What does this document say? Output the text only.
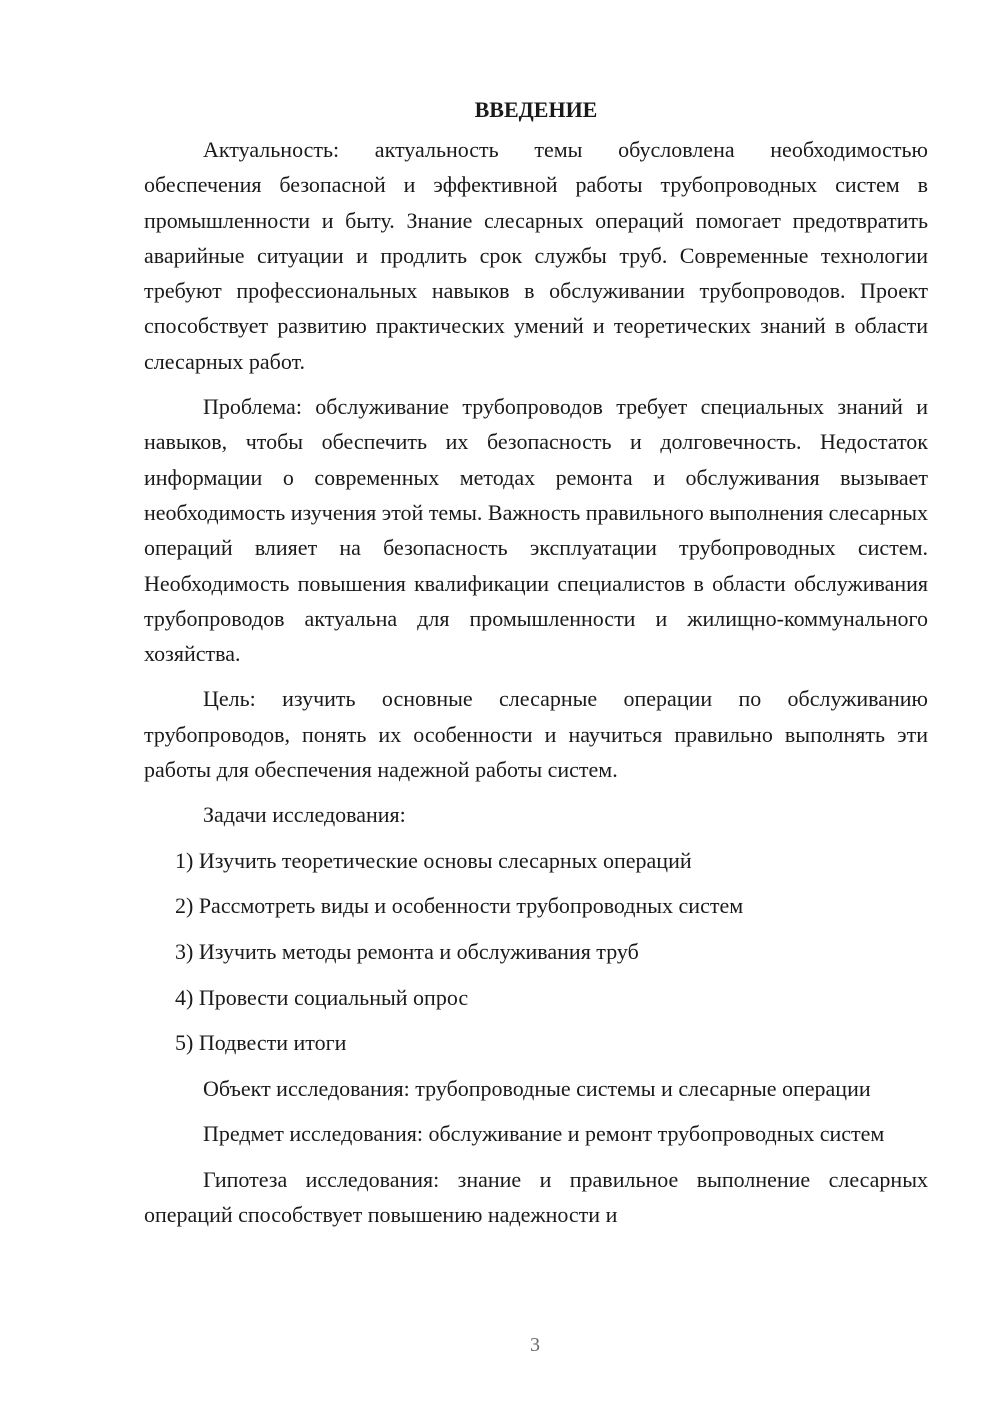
ВВЕДЕНИЕ

Актуальность: актуальность темы обусловлена необходимостью обеспечения безопасной и эффективной работы трубопроводных систем в промышленности и быту. Знание слесарных операций помогает предотвратить аварийные ситуации и продлить срок службы труб. Современные технологии требуют профессиональных навыков в обслуживании трубопроводов. Проект способствует развитию практических умений и теоретических знаний в области слесарных работ.

Проблема: обслуживание трубопроводов требует специальных знаний и навыков, чтобы обеспечить их безопасность и долговечность. Недостаток информации о современных методах ремонта и обслуживания вызывает необходимость изучения этой темы. Важность правильного выполнения слесарных операций влияет на безопасность эксплуатации трубопроводных систем. Необходимость повышения квалификации специалистов в области обслуживания трубопроводов актуальна для промышленности и жилищно-коммунального хозяйства.

Цель: изучить основные слесарные операции по обслуживанию трубопроводов, понять их особенности и научиться правильно выполнять эти работы для обеспечения надежной работы систем.

Задачи исследования:

1) Изучить теоретические основы слесарных операций
2) Рассмотреть виды и особенности трубопроводных систем
3) Изучить методы ремонта и обслуживания труб
4) Провести социальный опрос
5) Подвести итоги

Объект исследования: трубопроводные системы и слесарные операции

Предмет исследования: обслуживание и ремонт трубопроводных систем

Гипотеза исследования: знание и правильное выполнение слесарных операций способствует повышению надежности и

3
